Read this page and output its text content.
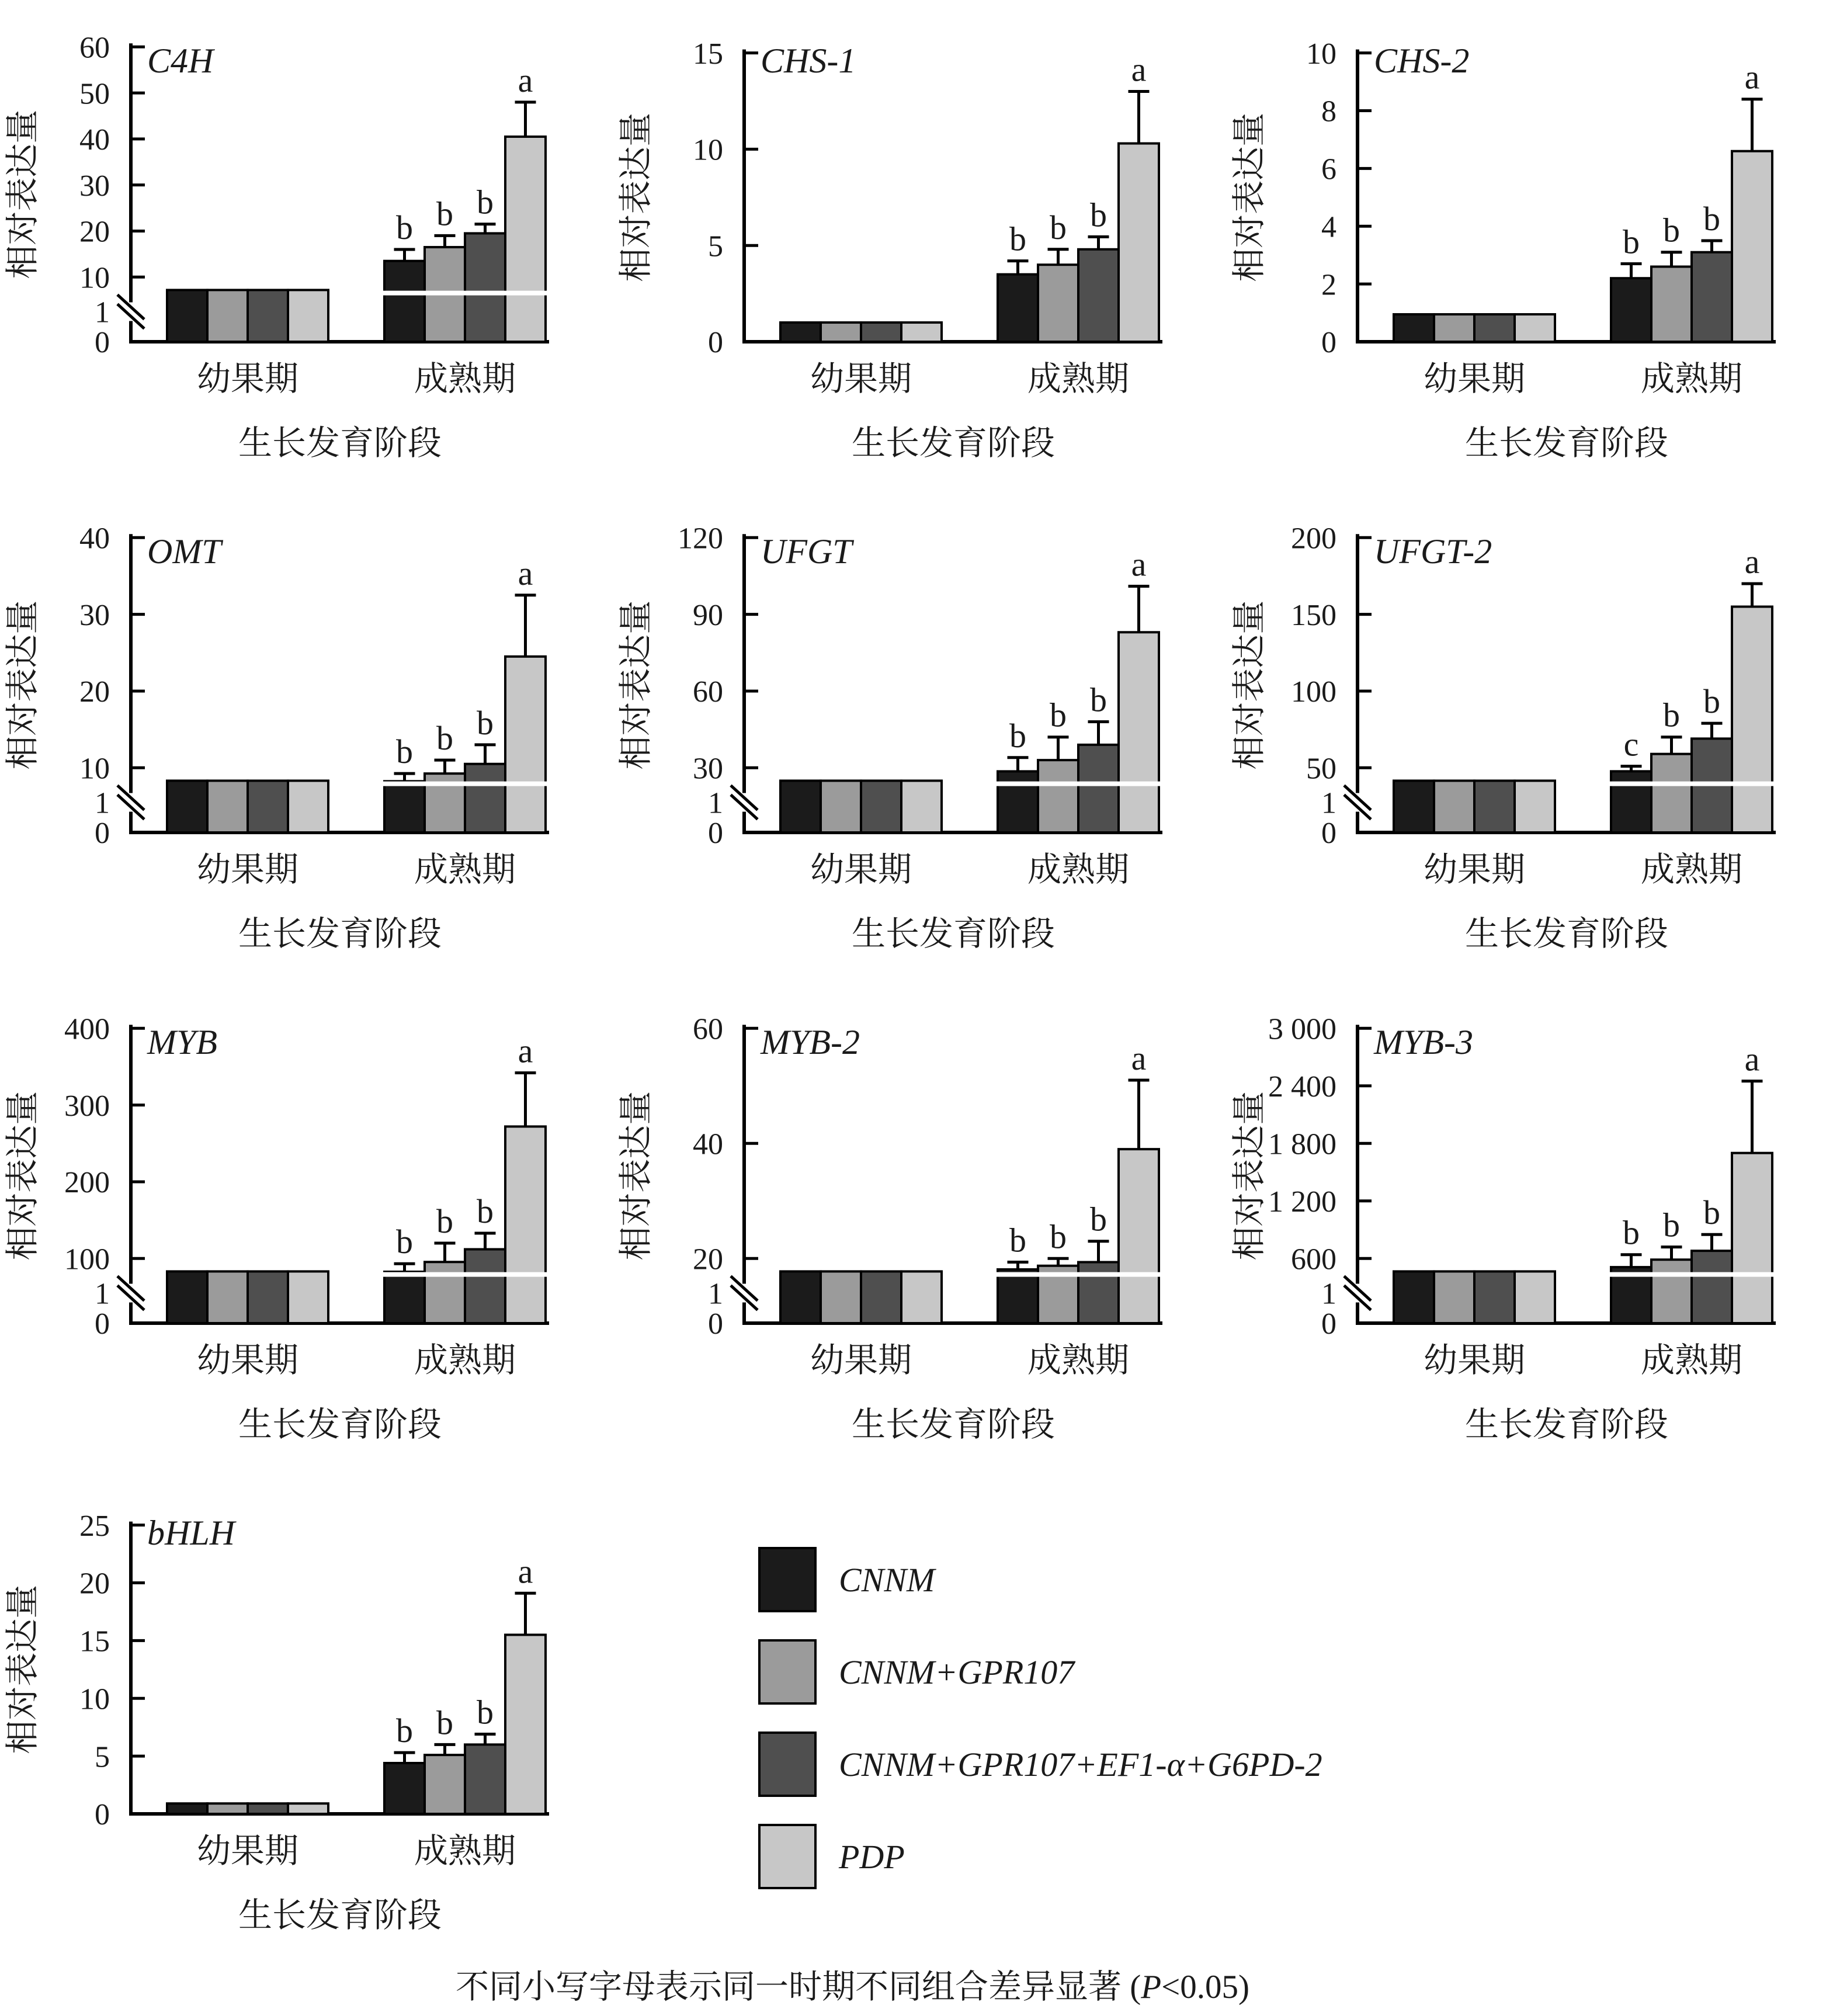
0
1
10
20
30
40
50
60
b b b
a
C4H
幼果期	成熟期
生长发育阶段
相对表达量
0
5
10
15
b b b
a
CHS-1
幼果期	成熟期
生长发育阶段
相对表达量
0
2
4
6
8
10
b b b
a
CHS-2
幼果期	成熟期
生长发育阶段
相对表达量
0
1
10
20
30
40
b b b
a
OMT
幼果期	成熟期
生长发育阶段
相对表达量
0
1
30
60
90
120
b
b b
a
UFGT
幼果期	成熟期
生长发育阶段
相对表达量
0
1
50
100
150
200
c
b b
a
UFGT-2
幼果期	成熟期
生长发育阶段
相对表达量
0
1
100
200
300
400
b
b b
a
MYB
幼果期	成熟期
生长发育阶段
相对表达量
0
1
20
40
60
b b b
a
MYB-2
幼果期	成熟期
生长发育阶段
相对表达量
0
1
600
1 200
1 800
2 400
3 000
b b b
a
MYB-3
幼果期	成熟期
生长发育阶段
相对表达量
0
5
10
15
20
25
b b b
a
bHLH
幼果期	成熟期
生长发育阶段
相对表达量
CNNM
CNNM+GPR107
CNNM+GPR107+EF1-α+G6PD-2
PDP
不同小写字母表示同一时期不同组合差异显著 (P<0.05)
